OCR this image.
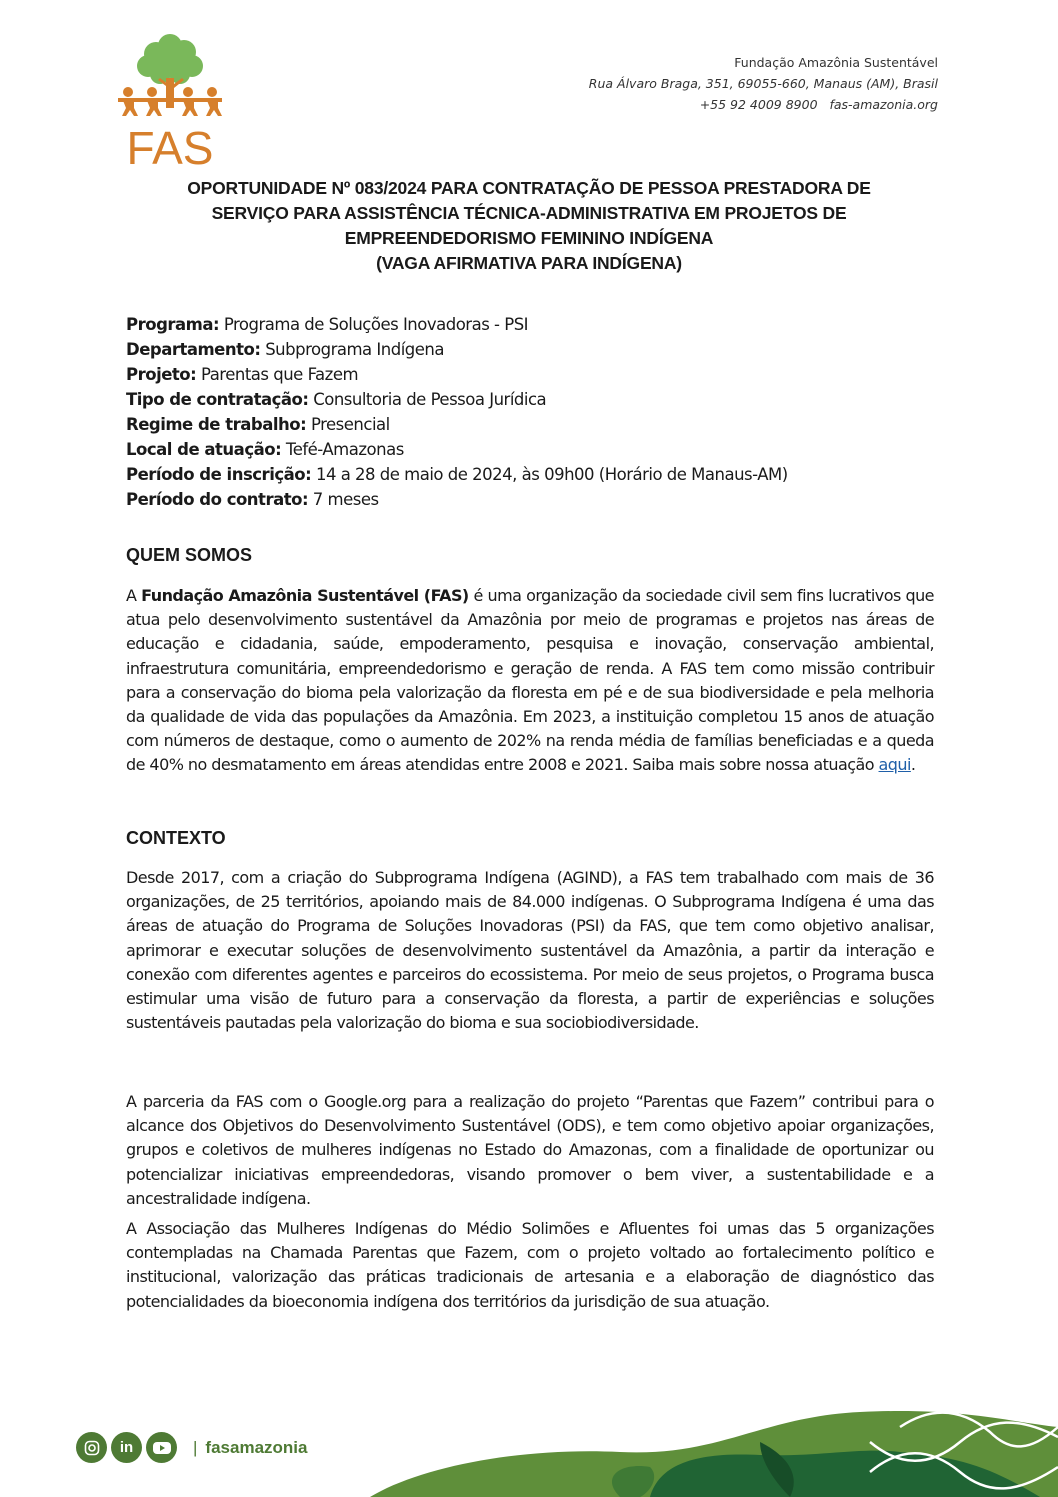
FAS
Fundação Amazônia Sustentável
Rua Álvaro Braga, 351, 69055-660, Manaus (AM), Brasil
+55 92 4009 8900 fas-amazonia.org
OPORTUNIDADE Nº 083/2024 PARA CONTRATAÇÃO DE PESSOA PRESTADORA DE
SERVIÇO PARA ASSISTÊNCIA TÉCNICA-ADMINISTRATIVA EM PROJETOS DE
EMPREENDEDORISMO FEMININO INDÍGENA
(VAGA AFIRMATIVA PARA INDÍGENA)
Programa: Programa de Soluções Inovadoras - PSI
Departamento: Subprograma Indígena
Projeto: Parentas que Fazem
Tipo de contratação: Consultoria de Pessoa Jurídica
Regime de trabalho: Presencial
Local de atuação: Tefé-Amazonas
Período de inscrição: 14 a 28 de maio de 2024, às 09h00 (Horário de Manaus-AM)
Período do contrato: 7 meses
QUEM SOMOS
A Fundação Amazônia Sustentável (FAS) é uma organização da sociedade civil sem fins lucrativos que atua pelo desenvolvimento sustentável da Amazônia por meio de programas e projetos nas áreas de educação e cidadania, saúde, empoderamento, pesquisa e inovação, conservação ambiental, infraestrutura comunitária, empreendedorismo e geração de renda. A FAS tem como missão contribuir para a conservação do bioma pela valorização da floresta em pé e de sua biodiversidade e pela melhoria da qualidade de vida das populações da Amazônia. Em 2023, a instituição completou 15 anos de atuação com números de destaque, como o aumento de 202% na renda média de famílias beneficiadas e a queda de 40% no desmatamento em áreas atendidas entre 2008 e 2021. Saiba mais sobre nossa atuação aqui.
CONTEXTO
Desde 2017, com a criação do Subprograma Indígena (AGIND), a FAS tem trabalhado com mais de 36 organizações, de 25 territórios, apoiando mais de 84.000 indígenas. O Subprograma Indígena é uma das áreas de atuação do Programa de Soluções Inovadoras (PSI) da FAS, que tem como objetivo analisar, aprimorar e executar soluções de desenvolvimento sustentável da Amazônia, a partir da interação e conexão com diferentes agentes e parceiros do ecossistema. Por meio de seus projetos, o Programa busca estimular uma visão de futuro para a conservação da floresta, a partir de experiências e soluções sustentáveis pautadas pela valorização do bioma e sua sociobiodiversidade.
A parceria da FAS com o Google.org para a realização do projeto “Parentas que Fazem” contribui para o alcance dos Objetivos do Desenvolvimento Sustentável (ODS), e tem como objetivo apoiar organizações, grupos e coletivos de mulheres indígenas no Estado do Amazonas, com a finalidade de oportunizar ou potencializar iniciativas empreendedoras, visando promover o bem viver, a sustentabilidade e a ancestralidade indígena.
A Associação das Mulheres Indígenas do Médio Solimões e Afluentes foi umas das 5 organizações contempladas na Chamada Parentas que Fazem, com o projeto voltado ao fortalecimento político e institucional, valorização das práticas tradicionais de artesania e a elaboração de diagnóstico das potencialidades da bioeconomia indígena dos territórios da jurisdição de sua atuação.
in	| fasamazonia
